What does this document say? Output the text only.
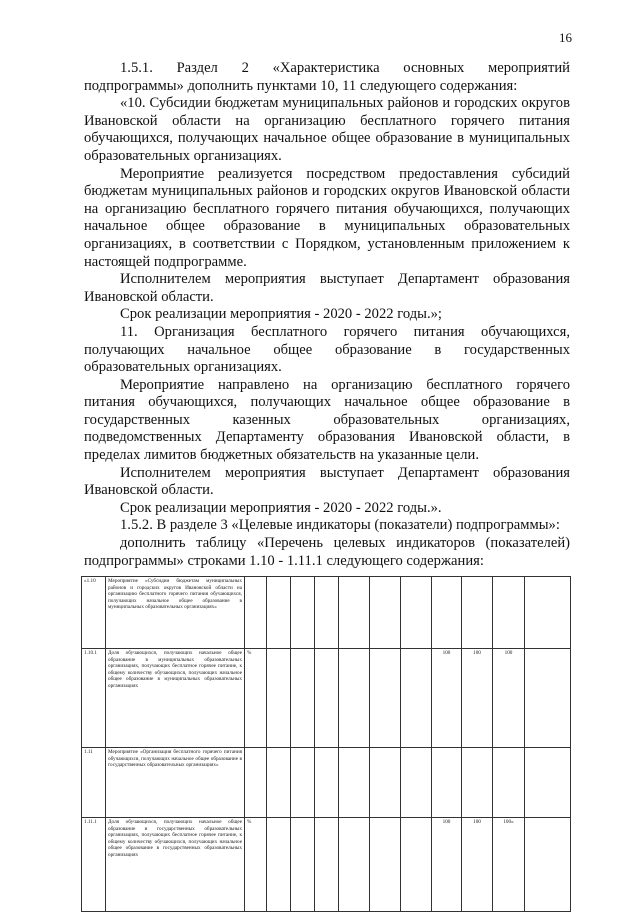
16

1.5.1. Раздел 2 «Характеристика основных мероприятий подпрограммы» дополнить пунктами 10, 11 следующего содержания:

«10. Субсидии бюджетам муниципальных районов и городских округов Ивановской области на организацию бесплатного горячего питания обучающихся, получающих начальное общее образование в муниципальных образовательных организациях.

Мероприятие реализуется посредством предоставления субсидий бюджетам муниципальных районов и городских округов Ивановской области на организацию бесплатного горячего питания обучающихся, получающих начальное общее образование в муниципальных образовательных организациях, в соответствии с Порядком, установленным приложением к настоящей подпрограмме.

Исполнителем мероприятия выступает Департамент образования Ивановской области.

Срок реализации мероприятия - 2020 - 2022 годы.»;

11. Организация бесплатного горячего питания обучающихся, получающих начальное общее образование в государственных образовательных организациях.

Мероприятие направлено на организацию бесплатного горячего питания обучающихся, получающих начальное общее образование в государственных казенных образовательных организациях, подведомственных Департаменту образования Ивановской области, в пределах лимитов бюджетных обязательств на указанные цели.

Исполнителем мероприятия выступает Департамент образования Ивановской области.

Срок реализации мероприятия - 2020 - 2022 годы.».

1.5.2. В разделе 3 «Целевые индикаторы (показатели) подпрограммы»:

дополнить таблицу «Перечень целевых индикаторов (показателей) подпрограммы» строками 1.10 - 1.11.1 следующего содержания:

«1.10	Мероприятие «Субсидии бюджетам муниципальных районов и городских округов Ивановской области на организацию бесплатного горячего питания обучающихся, получающих начальное общее образование в муниципальных образовательных организациях»											
1.10.1	Доля обучающихся, получающих начальное общее образование в муниципальных образовательных организациях, получающих бесплатное горячее питание, к общему количеству обучающихся, получающих начальное общее образование в муниципальных образовательных организациях	%							100	100	100	
1.11	Мероприятие «Организация бесплатного горячего питания обучающихся, получающих начальное общее образование в государственных образовательных организациях»											
1.11.1	Доля обучающихся, получающих начальное общее образование в государственных образовательных организациях, получающих бесплатное горячее питание, к общему количеству обучающихся, получающих начальное общее образование в государственных образовательных организациях	%							100	100	100»	
